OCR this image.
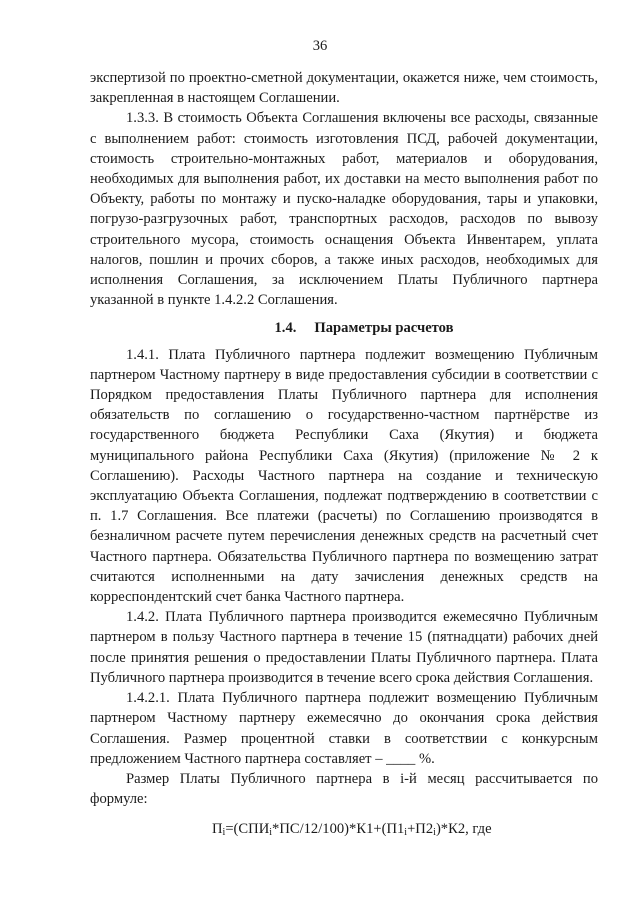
36

экспертизой по проектно-сметной документации, окажется ниже, чем стоимость, закрепленная в настоящем Соглашении.

1.3.3. В стоимость Объекта Соглашения включены все расходы, связанные с выполнением работ: стоимость изготовления ПСД, рабочей документации, стоимость строительно-монтажных работ, материалов и оборудования, необходимых для выполнения работ, их доставки на место выполнения работ по Объекту, работы по монтажу и пуско-наладке оборудования, тары и упаковки, погрузо-разгрузочных работ, транспортных расходов, расходов по вывозу строительного мусора, стоимость оснащения Объекта Инвентарем, уплата налогов, пошлин и прочих сборов, а также иных расходов, необходимых для исполнения Соглашения, за исключением Платы Публичного партнера указанной в пункте 1.4.2.2 Соглашения.

1.4. Параметры расчетов

1.4.1. Плата Публичного партнера подлежит возмещению Публичным партнером Частному партнеру в виде предоставления субсидии в соответствии с Порядком предоставления Платы Публичного партнера для исполнения обязательств по соглашению о государственно-частном партнёрстве из государственного бюджета Республики Саха (Якутия) и бюджета муниципального района Республики Саха (Якутия) (приложение № 2 к Соглашению). Расходы Частного партнера на создание и техническую эксплуатацию Объекта Соглашения, подлежат подтверждению в соответствии с п. 1.7 Соглашения. Все платежи (расчеты) по Соглашению производятся в безналичном расчете путем перечисления денежных средств на расчетный счет Частного партнера. Обязательства Публичного партнера по возмещению затрат считаются исполненными на дату зачисления денежных средств на корреспондентский счет банка Частного партнера.

1.4.2. Плата Публичного партнера производится ежемесячно Публичным партнером в пользу Частного партнера в течение 15 (пятнадцати) рабочих дней после принятия решения о предоставлении Платы Публичного партнера. Плата Публичного партнера производится в течение всего срока действия Соглашения.

1.4.2.1. Плата Публичного партнера подлежит возмещению Публичным партнером Частному партнеру ежемесячно до окончания срока действия Соглашения. Размер процентной ставки в соответствии с конкурсным предложением Частного партнера составляет – ____ %.

Размер Платы Публичного партнера в i-й месяц рассчитывается по формуле:

$П_i=(СПИ_i*ПС/12/100)*К1+(П1_i+П2_i)*К2$, где
